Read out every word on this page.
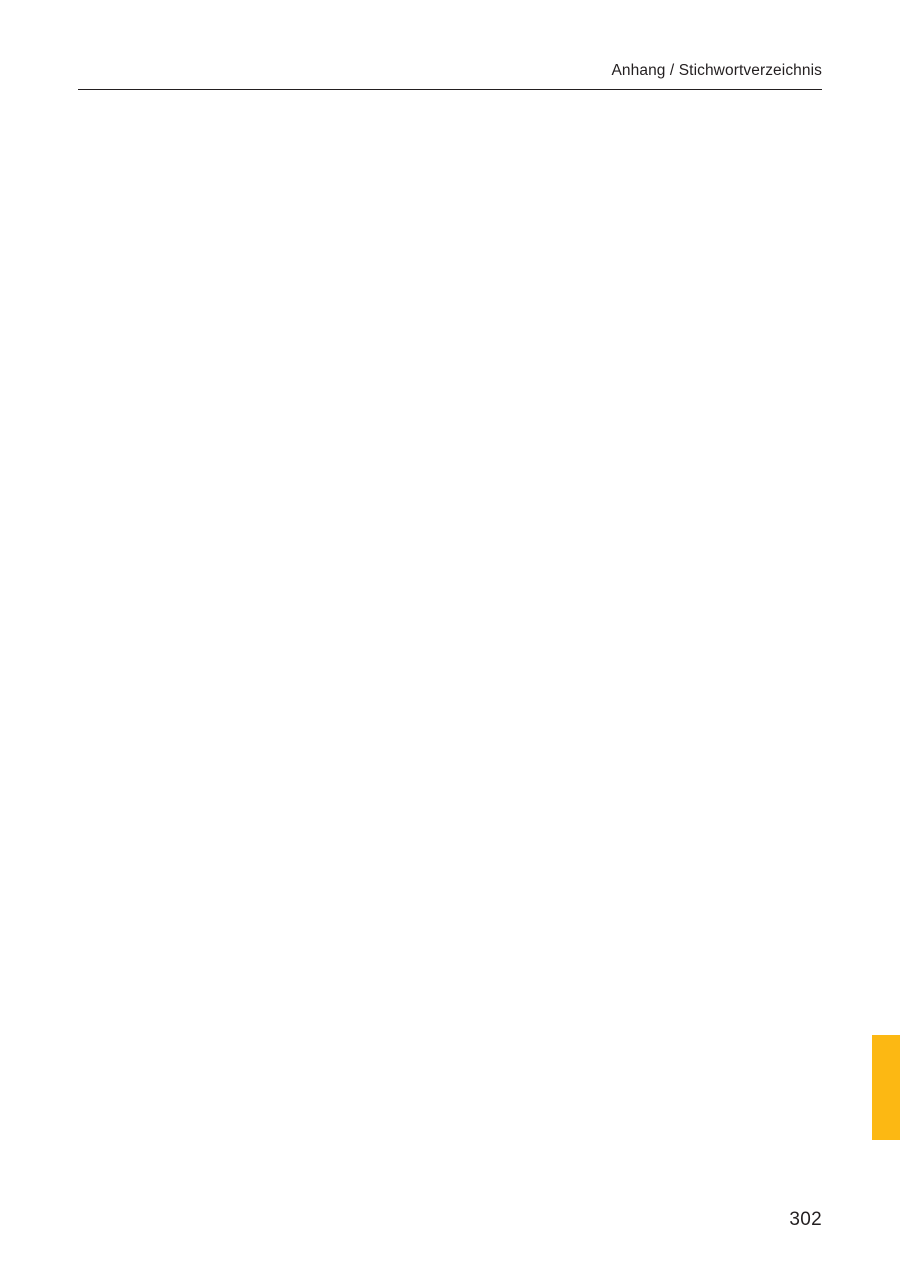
Anhang / Stichwortverzeichnis
302
